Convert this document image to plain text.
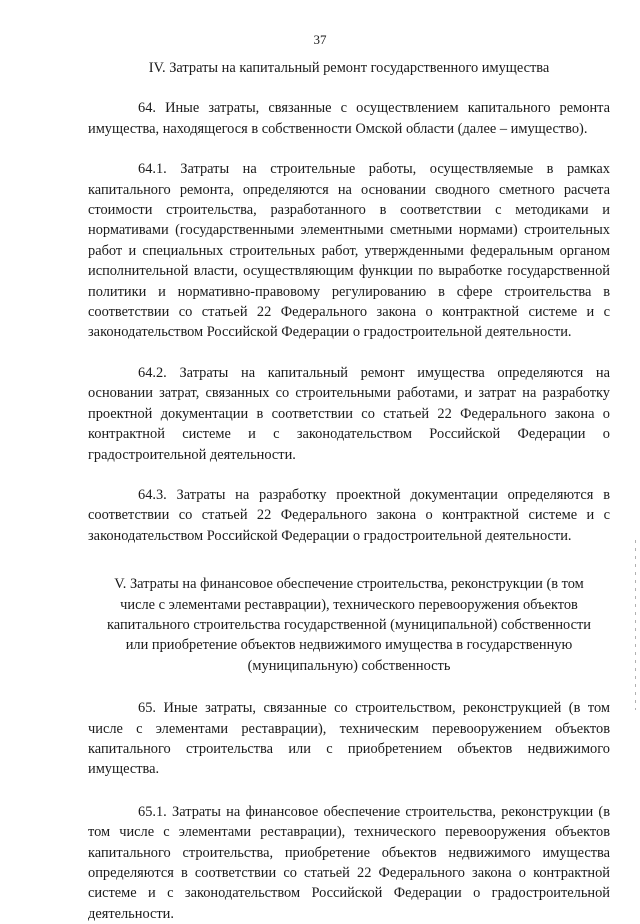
37
IV. Затраты на капитальный ремонт государственного имущества

64. Иные затраты, связанные с осуществлением капитального ремонта имущества, находящегося в собственности Омской области (далее – имущество).

64.1. Затраты на строительные работы, осуществляемые в рамках капитального ремонта, определяются на основании сводного сметного расчета стоимости строительства, разработанного в соответствии с методиками и нормативами (государственными элементными сметными нормами) строительных работ и специальных строительных работ, утвержденными федеральным органом исполнительной власти, осуществляющим функции по выработке государственной политики и нормативно-правовому регулированию в сфере строительства в соответствии со статьей 22 Федерального закона о контрактной системе и с законодательством Российской Федерации о градостроительной деятельности.

64.2. Затраты на капитальный ремонт имущества определяются на основании затрат, связанных со строительными работами, и затрат на разработку проектной документации в соответствии со статьей 22 Федерального закона о контрактной системе и с законодательством Российской Федерации о градостроительной деятельности.

64.3. Затраты на разработку проектной документации определяются в соответствии со статьей 22 Федерального закона о контрактной системе и с законодательством Российской Федерации о градостроительной деятельности.

V. Затраты на финансовое обеспечение строительства, реконструкции (в том числе с элементами реставрации), технического перевооружения объектов капитального строительства государственной (муниципальной) собственности или приобретение объектов недвижимого имущества в государственную (муниципальную) собственность

65. Иные затраты, связанные со строительством, реконструкцией (в том числе с элементами реставрации), техническим перевооружением объектов капитального строительства или с приобретением объектов недвижимого имущества.

65.1. Затраты на финансовое обеспечение строительства, реконструкции (в том числе с элементами реставрации), технического перевооружения объектов капитального строительства, приобретение объектов недвижимого имущества определяются в соответствии со статьей 22 Федерального закона о контрактной системе и с законодательством Российской Федерации о градостроительной деятельности.
